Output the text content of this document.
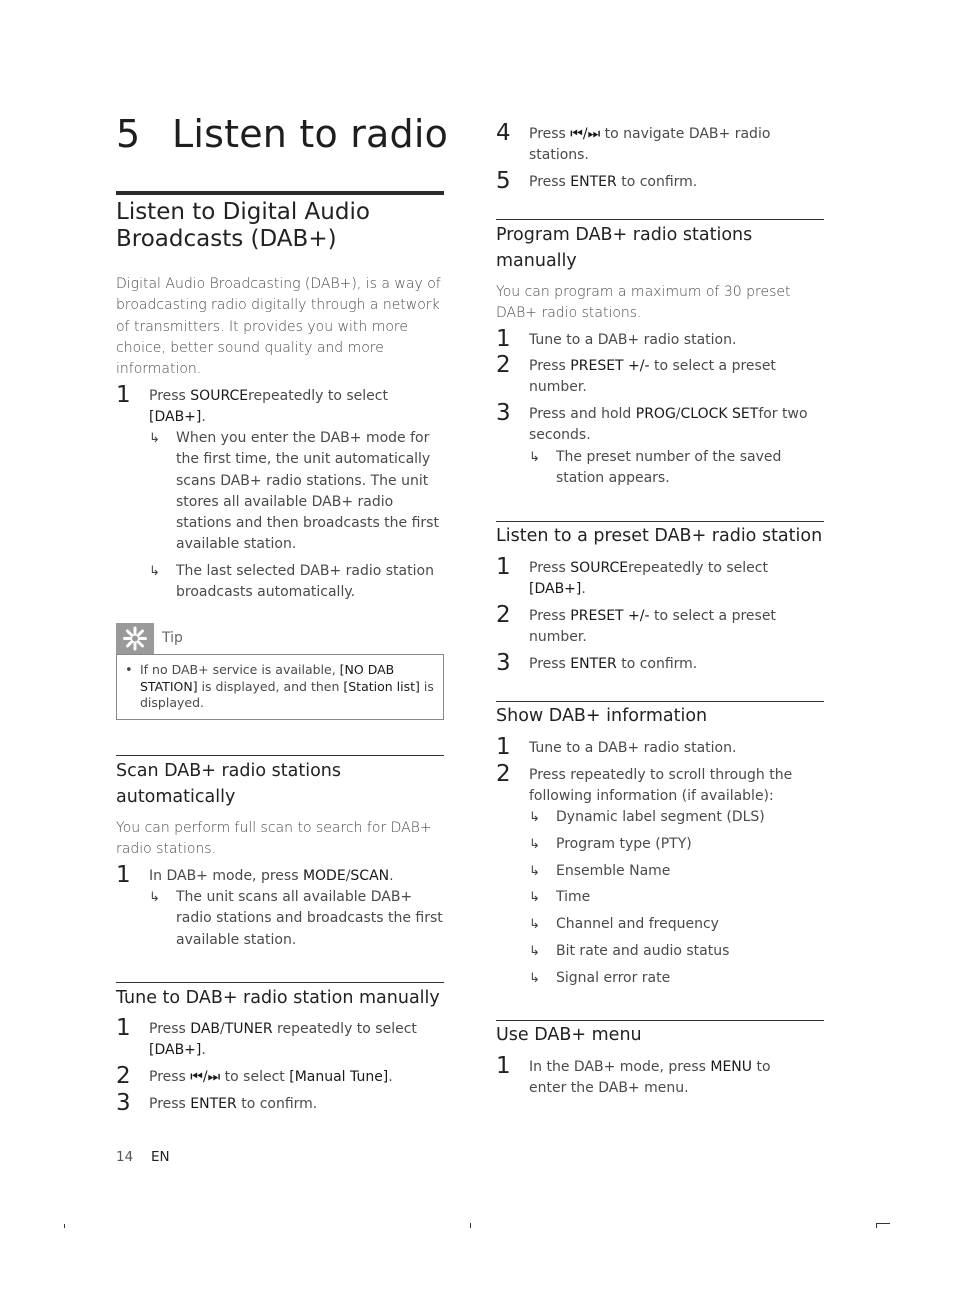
5 Listen to radio
Listen to Digital Audio Broadcasts (DAB+)
Digital Audio Broadcasting (DAB+), is a way of broadcasting radio digitally through a network of transmitters. It provides you with more choice, better sound quality and more information.
1 Press SOURCErepeatedly to select
[DAB+].
↳ When you enter the DAB+ mode for the first time, the unit automatically scans DAB+ radio stations. The unit stores all available DAB+ radio stations and then broadcasts the first available station.
↳ The last selected DAB+ radio station broadcasts automatically.
Tip
• If no DAB+ service is available, [NO DAB STATION] is displayed, and then [Station list] is displayed.
Scan DAB+ radio stations automatically
You can perform full scan to search for DAB+ radio stations.
1 In DAB+ mode, press MODE/SCAN.
↳ The unit scans all available DAB+ radio stations and broadcasts the first available station.
Tune to DAB+ radio station manually
1 Press DAB/TUNER repeatedly to select [DAB+].
2 Press ⏮/⏭ to select [Manual Tune].
3 Press ENTER to confirm.
14 EN
4 Press ⏮/⏭ to navigate DAB+ radio stations.
5 Press ENTER to confirm.
Program DAB+ radio stations manually
You can program a maximum of 30 preset DAB+ radio stations.
1 Tune to a DAB+ radio station.
2 Press PRESET +/- to select a preset number.
3 Press and hold PROG/CLOCK SETfor two seconds.
↳ The preset number of the saved station appears.
Listen to a preset DAB+ radio station
1 Press SOURCErepeatedly to select
[DAB+].
2 Press PRESET +/- to select a preset number.
3 Press ENTER to confirm.
Show DAB+ information
1 Tune to a DAB+ radio station.
2 Press repeatedly to scroll through the following information (if available):
↳ Dynamic label segment (DLS)
↳ Program type (PTY)
↳ Ensemble Name
↳ Time
↳ Channel and frequency
↳ Bit rate and audio status
↳ Signal error rate
Use DAB+ menu
1 In the DAB+ mode, press MENU to enter the DAB+ menu.
